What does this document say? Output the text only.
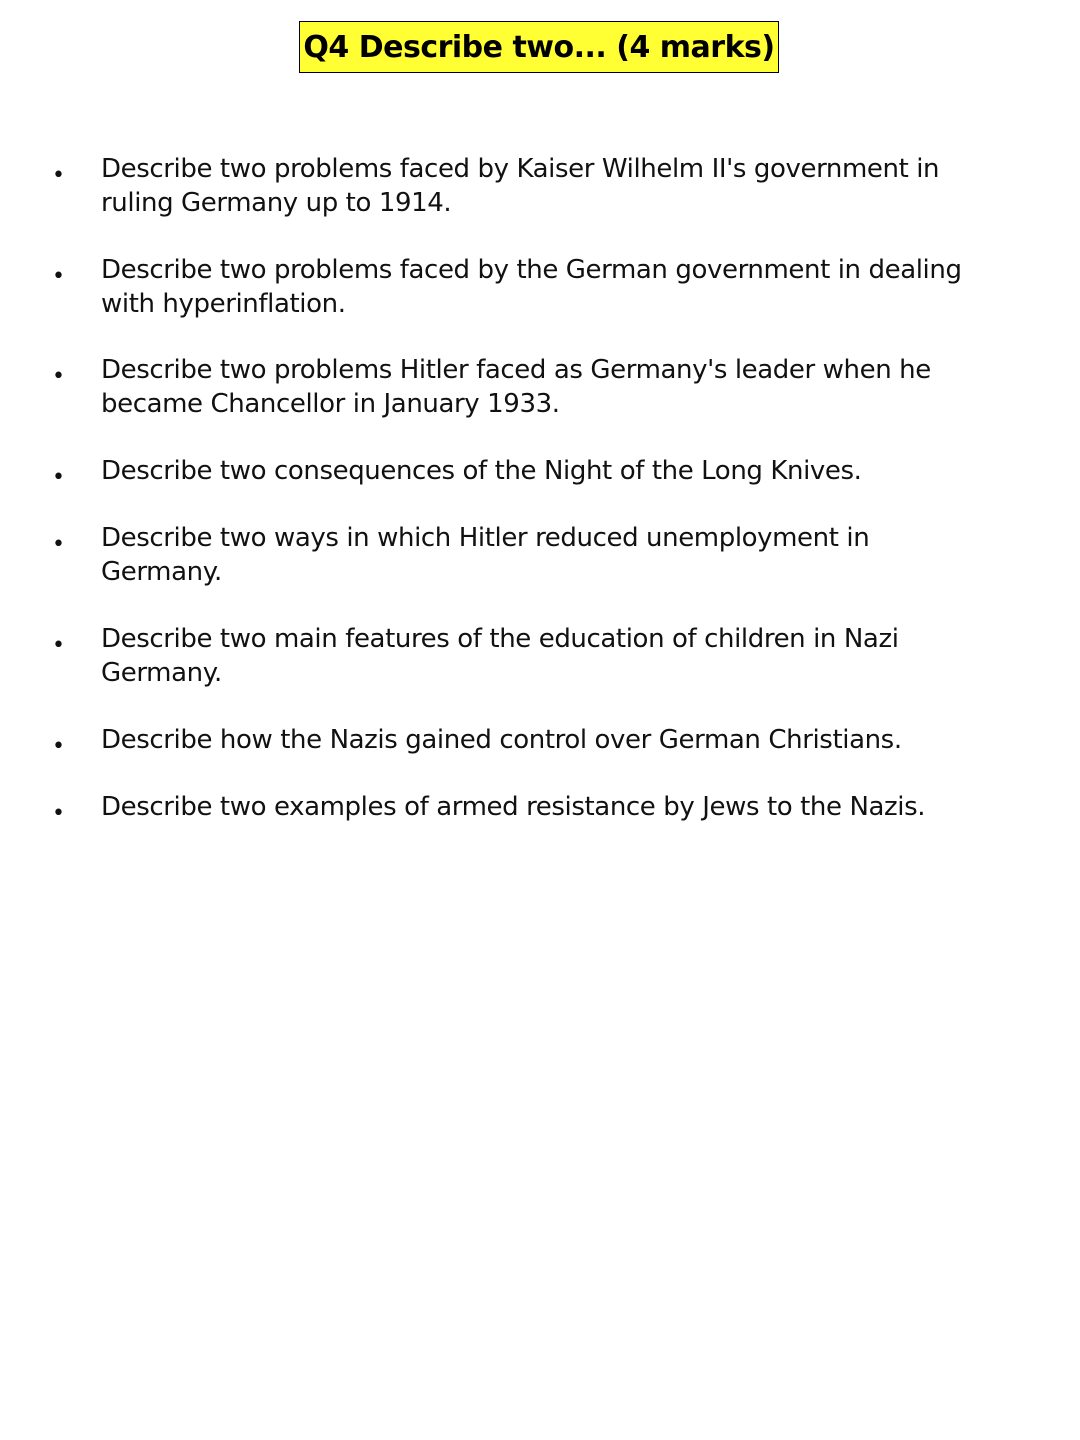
Q4 Describe two... (4 marks)
• Describe two problems faced by Kaiser Wilhelm II's government in
ruling Germany up to 1914.
• Describe two problems faced by the German government in dealing
with hyperinflation.
• Describe two problems Hitler faced as Germany's leader when he
became Chancellor in January 1933.
• Describe two consequences of the Night of the Long Knives.
• Describe two ways in which Hitler reduced unemployment in
Germany.
• Describe two main features of the education of children in Nazi
Germany.
• Describe how the Nazis gained control over German Christians.
• Describe two examples of armed resistance by Jews to the Nazis.
